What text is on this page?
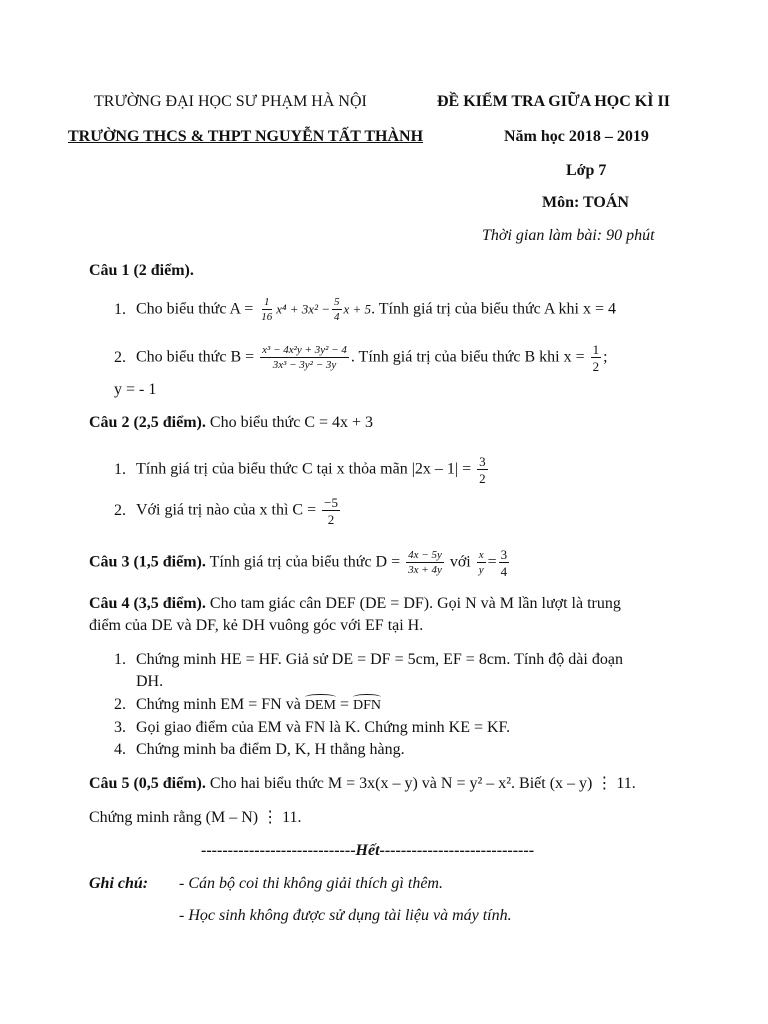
TRƯỜNG ĐẠI HỌC SƯ PHẠM HÀ NỘI	ĐỀ KIỂM TRA GIỮA HỌC KÌ II
TRƯỜNG THCS & THPT NGUYỄN TẤT THÀNH	Năm học 2018 – 2019
Lớp 7
Môn: TOÁN
Thời gian làm bài: 90 phút
Câu 1 (2 điểm).
1. Cho biểu thức $A = \frac{1}{16} x^4 + 3x^2 - \frac{5}{4}$ x + 5. Tính giá trị của biểu thức A khi x = 4
2. Cho biểu thức $B = \frac{\text{x³ − 4x²y + 3y² − 4}}{\text{3x³ − 3y² − 3y}}$ . Tính giá trị của biểu thức B khi $x = \frac{1}{2}$ ;
y = - 1
Câu 2 (2,5 điểm). Cho biểu thức C = 4x + 3
1. Tính giá trị của biểu thức C tại x thỏa mãn $|2x - 1| = \frac{3}{2}$
2. Với giá trị nào của x thì $C = \frac{-5}{2}$
Câu 3 (1,5 điểm). Tính giá trị của biểu thức $D = \frac{4x - 5y}{3x + 4y}$ với $\frac{x}{y} = \frac{3}{4}$
Câu 4 (3,5 điểm). Cho tam giác cân DEF (DE = DF). Gọi N và M lần lượt là trung
điểm của DE và DF, kẻ DH vuông góc với EF tại H.
1. Chứng minh HE = HF. Giả sử DE = DF = 5cm, EF = 8cm. Tính độ dài đoạn
DH.
2. Chứng minh EM = FN và DEM = DFN
3. Gọi giao điểm của EM và FN là K. Chứng minh KE = KF.
4. Chứng minh ba điểm D, K, H thẳng hàng.
Câu 5 (0,5 điểm). Cho hai biểu thức M = 3x(x – y) và N = y² – x². Biết (x – y) ⋮ 11.
Chứng minh rằng (M – N) ⋮ 11.
-----------------------------Hết-----------------------------
Ghi chú: - Cán bộ coi thi không giải thích gì thêm.
- Học sinh không được sử dụng tài liệu và máy tính.
